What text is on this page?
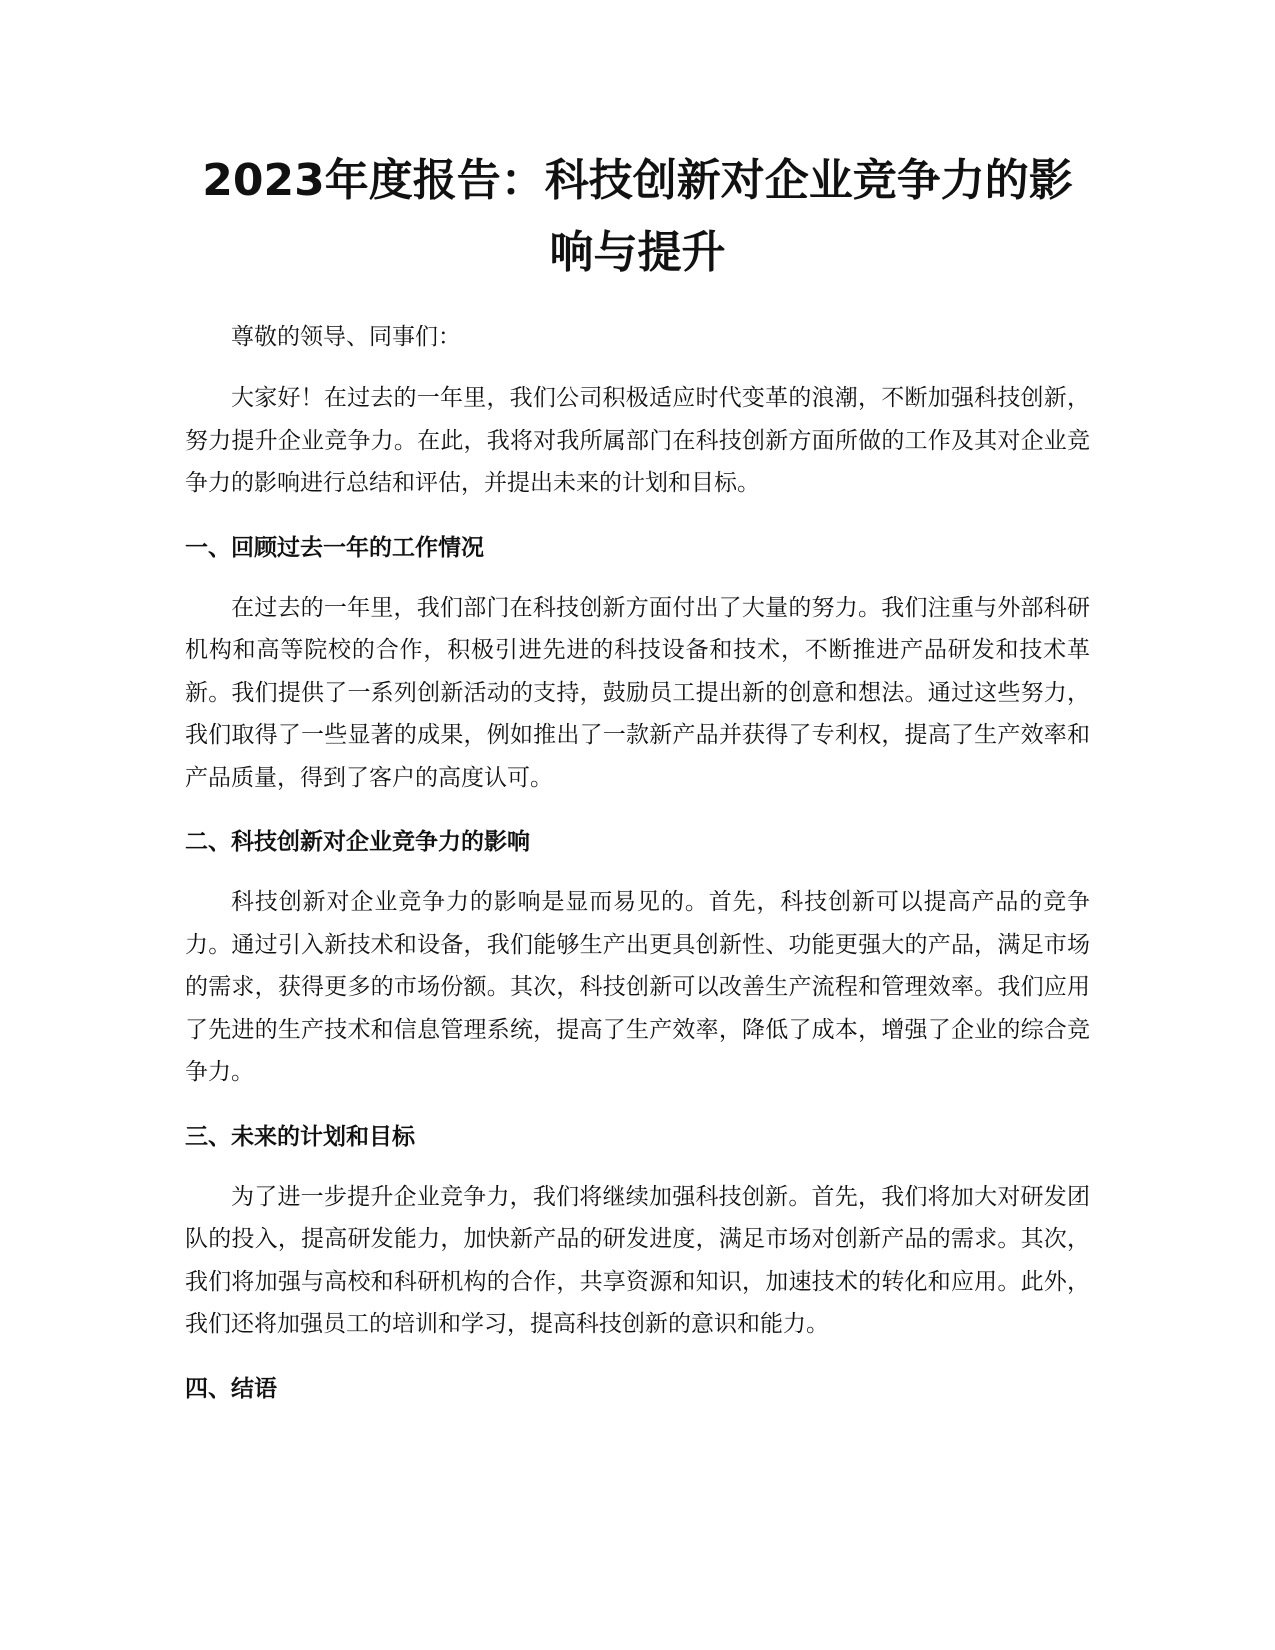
2023年度报告：科技创新对企业竞争力的影响与提升

尊敬的领导、同事们：

大家好！在过去的一年里，我们公司积极适应时代变革的浪潮，不断加强科技创新，努力提升企业竞争力。在此，我将对我所属部门在科技创新方面所做的工作及其对企业竞争力的影响进行总结和评估，并提出未来的计划和目标。

一、回顾过去一年的工作情况

在过去的一年里，我们部门在科技创新方面付出了大量的努力。我们注重与外部科研机构和高等院校的合作，积极引进先进的科技设备和技术，不断推进产品研发和技术革新。我们提供了一系列创新活动的支持，鼓励员工提出新的创意和想法。通过这些努力，我们取得了一些显著的成果，例如推出了一款新产品并获得了专利权，提高了生产效率和产品质量，得到了客户的高度认可。

二、科技创新对企业竞争力的影响

科技创新对企业竞争力的影响是显而易见的。首先，科技创新可以提高产品的竞争力。通过引入新技术和设备，我们能够生产出更具创新性、功能更强大的产品，满足市场的需求，获得更多的市场份额。其次，科技创新可以改善生产流程和管理效率。我们应用了先进的生产技术和信息管理系统，提高了生产效率，降低了成本，增强了企业的综合竞争力。

三、未来的计划和目标

为了进一步提升企业竞争力，我们将继续加强科技创新。首先，我们将加大对研发团队的投入，提高研发能力，加快新产品的研发进度，满足市场对创新产品的需求。其次，我们将加强与高校和科研机构的合作，共享资源和知识，加速技术的转化和应用。此外，我们还将加强员工的培训和学习，提高科技创新的意识和能力。

四、结语
